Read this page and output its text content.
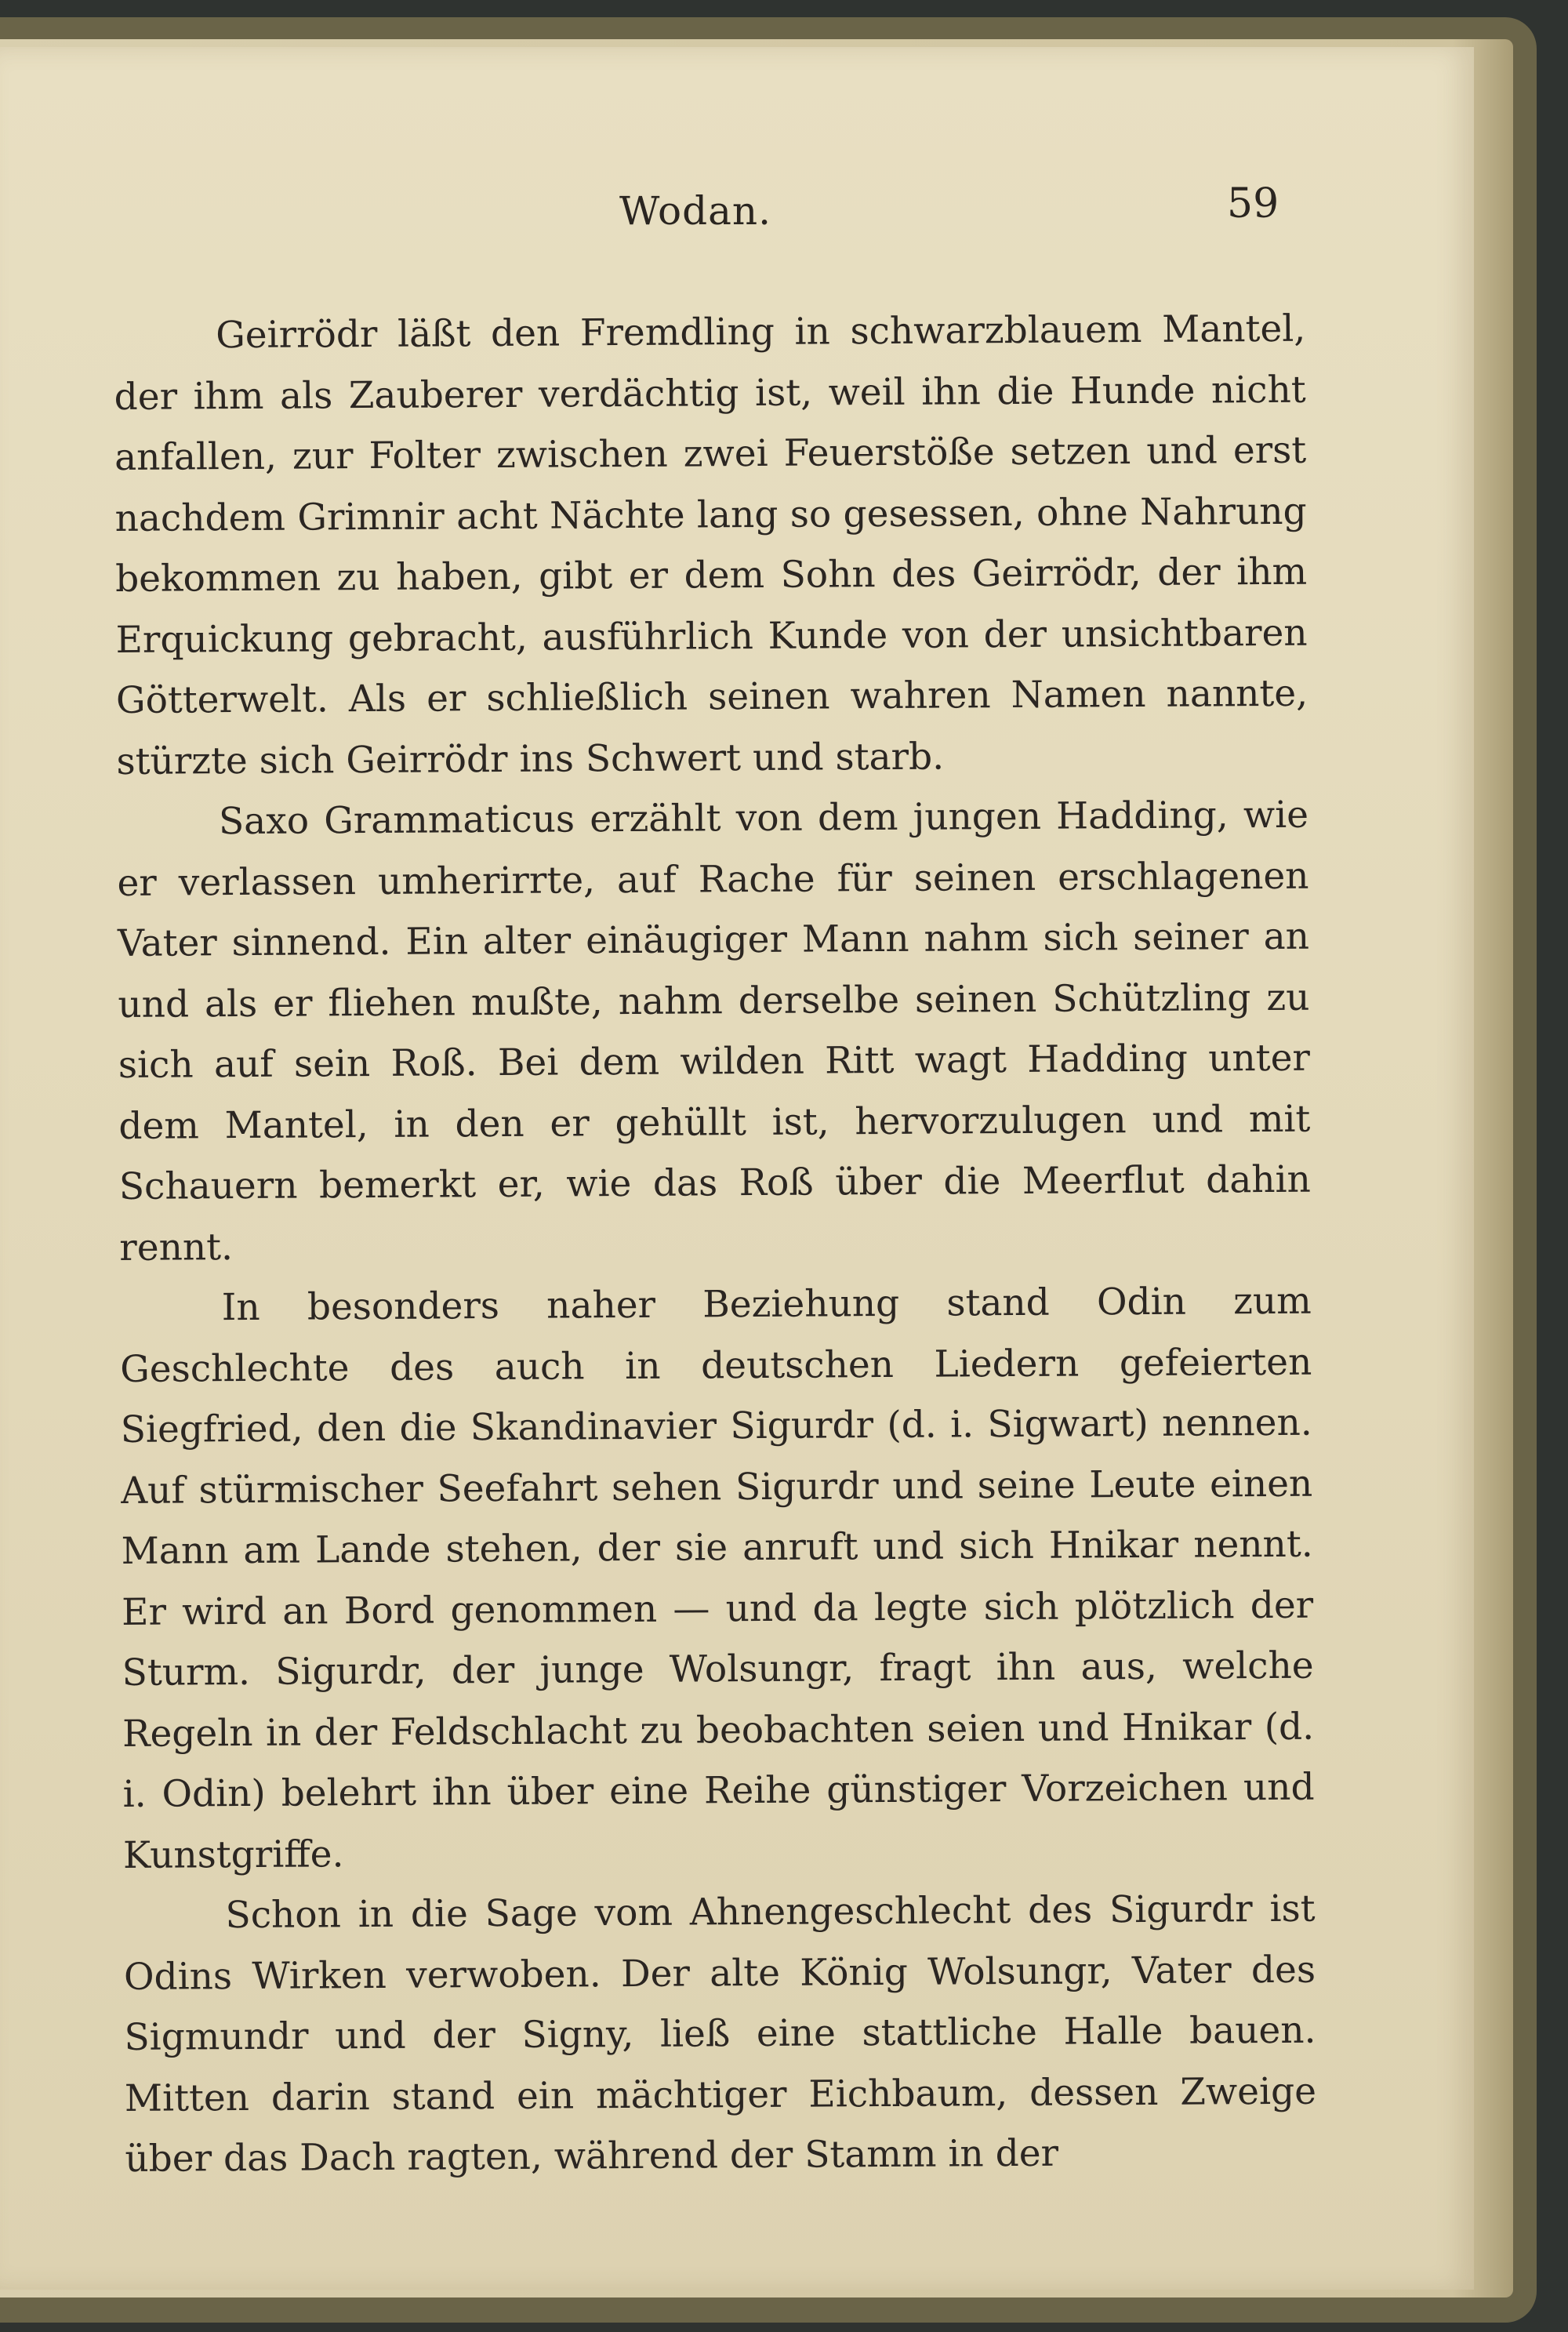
Wodan.	59

Geirrödr läßt den Fremdling in schwarzblauem Mantel, der ihm als Zauberer verdächtig ist, weil ihn die Hunde nicht anfallen, zur Folter zwischen zwei Feuerstöße setzen und erst nachdem Grimnir acht Nächte lang so gesessen, ohne Nahrung bekommen zu haben, gibt er dem Sohn des Geirrödr, der ihm Erquickung gebracht, ausführlich Kunde von der unsichtbaren Götterwelt. Als er schließlich seinen wahren Namen nannte, stürzte sich Geirrödr ins Schwert und starb.

Saxo Grammaticus erzählt von dem jungen Hadding, wie er verlassen umherirrte, auf Rache für seinen erschlagenen Vater sinnend. Ein alter einäugiger Mann nahm sich seiner an und als er fliehen mußte, nahm derselbe seinen Schützling zu sich auf sein Roß. Bei dem wilden Ritt wagt Hadding unter dem Mantel, in den er gehüllt ist, hervorzulugen und mit Schauern bemerkt er, wie das Roß über die Meerflut dahin rennt.

In besonders naher Beziehung stand Odin zum Geschlechte des auch in deutschen Liedern gefeierten Siegfried, den die Skandinavier Sigurdr (d. i. Sigwart) nennen. Auf stürmischer Seefahrt sehen Sigurdr und seine Leute einen Mann am Lande stehen, der sie anruft und sich Hnikar nennt. Er wird an Bord genommen — und da legte sich plötzlich der Sturm. Sigurdr, der junge Wolsungr, fragt ihn aus, welche Regeln in der Feldschlacht zu beobachten seien und Hnikar (d. i. Odin) belehrt ihn über eine Reihe günstiger Vorzeichen und Kunstgriffe.

Schon in die Sage vom Ahnengeschlecht des Sigurdr ist Odins Wirken verwoben. Der alte König Wolsungr, Vater des Sigmundr und der Signy, ließ eine stattliche Halle bauen. Mitten darin stand ein mächtiger Eichbaum, dessen Zweige über das Dach ragten, während der Stamm in der
